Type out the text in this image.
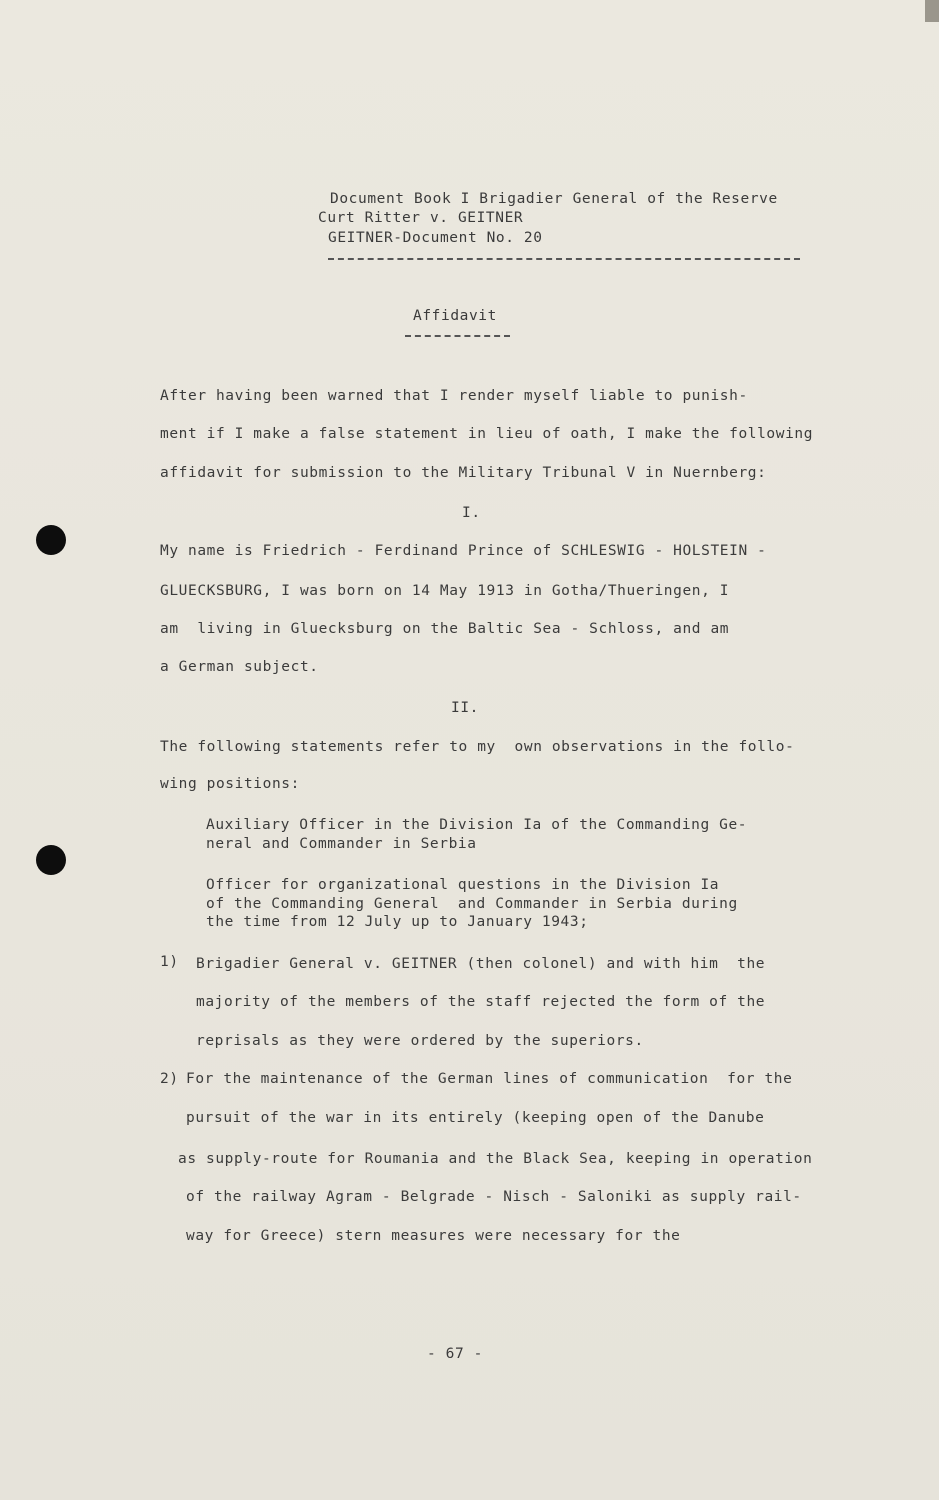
Document Book I Brigadier General of the Reserve
Curt Ritter v. GEITNER
GEITNER-Document No. 20
Affidavit
After having been warned that I render myself liable to punish-
ment if I make a false statement in lieu of oath, I make the following
affidavit for submission to the Military Tribunal V in Nuernberg:
I.
My name is Friedrich - Ferdinand Prince of SCHLESWIG - HOLSTEIN -
GLUECKSBURG, I was born on 14 May 1913 in Gotha/Thueringen, I
am  living in Gluecksburg on the Baltic Sea - Schloss, and am
a German subject.
II.
The following statements refer to my  own observations in the follo-
wing positions:
Auxiliary Officer in the Division Ia of the Commanding Ge-
neral and Commander in Serbia
Officer for organizational questions in the Division Ia
of the Commanding General  and Commander in Serbia during
the time from 12 July up to January 1943;
1) Brigadier General v. GEITNER (then colonel) and with him  the
majority of the members of the staff rejected the form of the
reprisals as they were ordered by the superiors.
2) For the maintenance of the German lines of communication  for the
pursuit of the war in its entirely (keeping open of the Danube
as supply-route for Roumania and the Black Sea, keeping in operation
of the railway Agram - Belgrade - Nisch - Saloniki as supply rail-
way for Greece) stern measures were necessary for the
- 67 -
